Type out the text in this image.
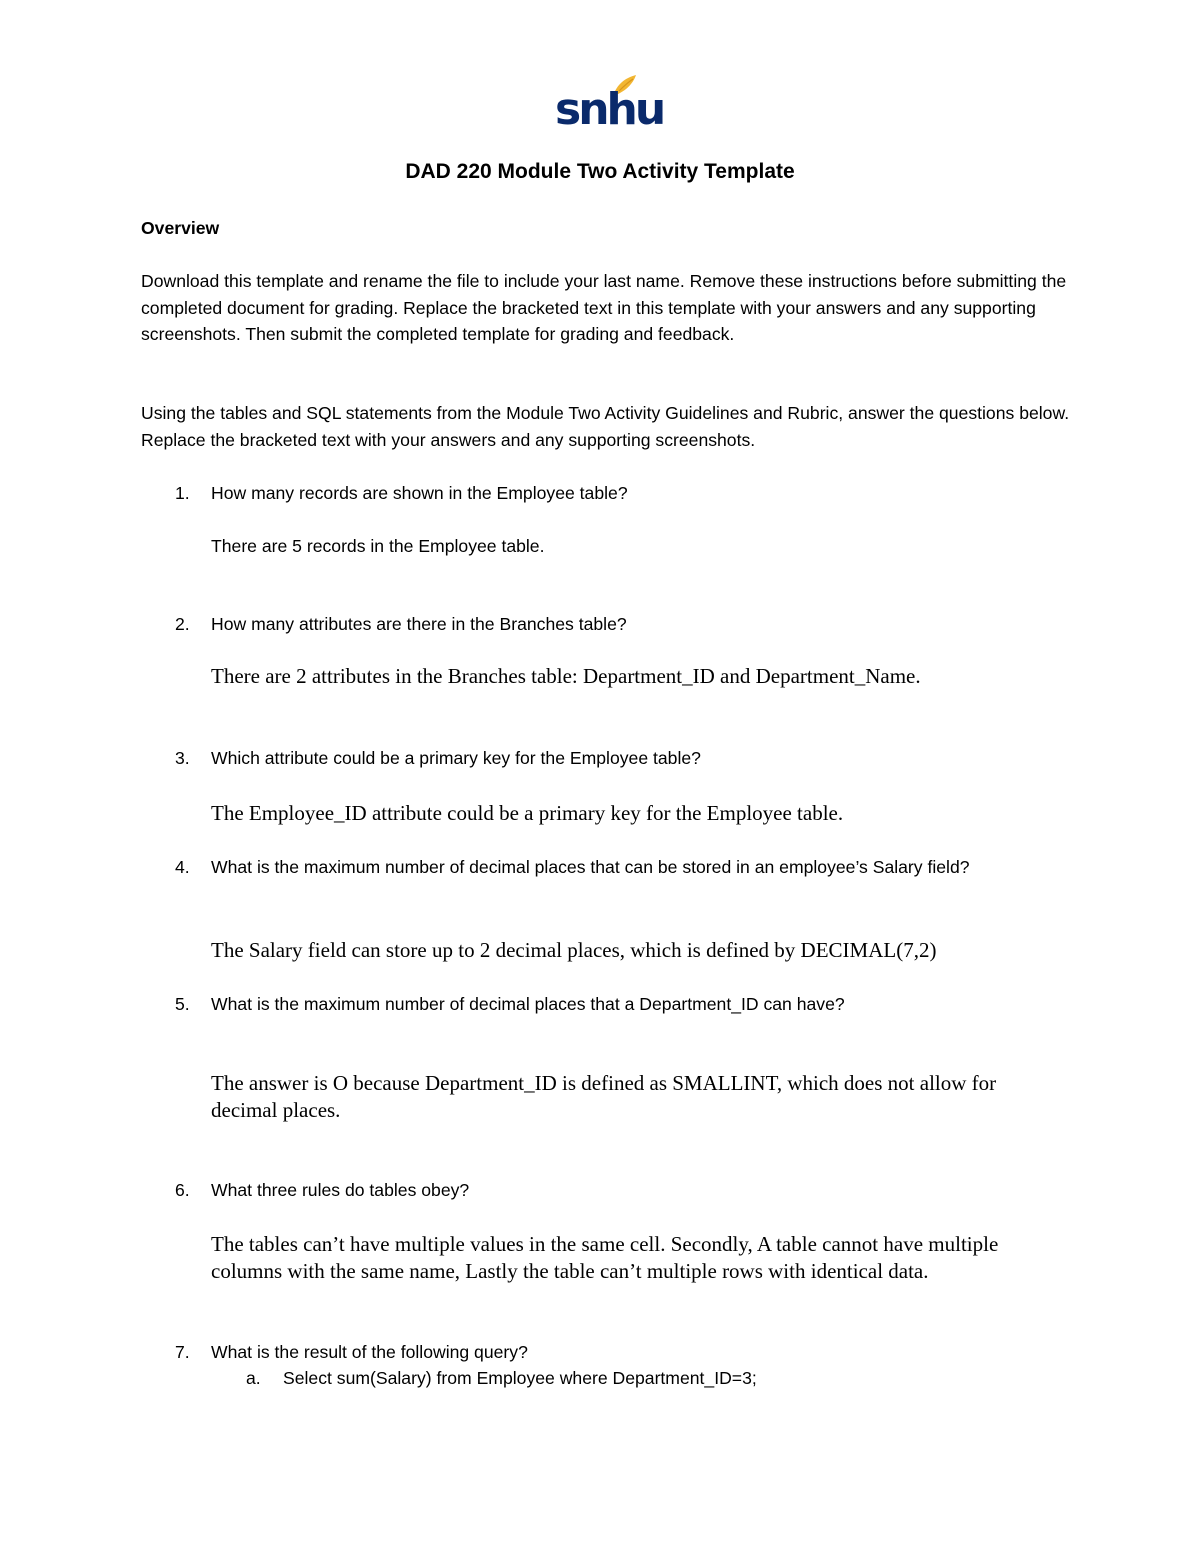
snhu
DAD 220 Module Two Activity Template
Overview
Download this template and rename the file to include your last name. Remove these instructions before submitting the completed document for grading. Replace the bracketed text in this template with your answers and any supporting screenshots. Then submit the completed template for grading and feedback.
Using the tables and SQL statements from the Module Two Activity Guidelines and Rubric, answer the questions below. Replace the bracketed text with your answers and any supporting screenshots.
1.	How many records are shown in the Employee table?
There are 5 records in the Employee table.
2.	How many attributes are there in the Branches table?
There are 2 attributes in the Branches table: Department_ID and Department_Name.
3.	Which attribute could be a primary key for the Employee table?
The Employee_ID attribute could be a primary key for the Employee table.
4.	What is the maximum number of decimal places that can be stored in an employee’s Salary field?
The Salary field can store up to 2 decimal places, which is defined by DECIMAL(7,2)
5.	What is the maximum number of decimal places that a Department_ID can have?
The answer is O because Department_ID is defined as SMALLINT, which does not allow for decimal places.
6.	What three rules do tables obey?
The tables can’t have multiple values in the same cell. Secondly, A table cannot have multiple columns with the same name, Lastly the table can’t multiple rows with identical data.
7.	What is the result of the following query?
a. Select sum(Salary) from Employee where Department_ID=3;
